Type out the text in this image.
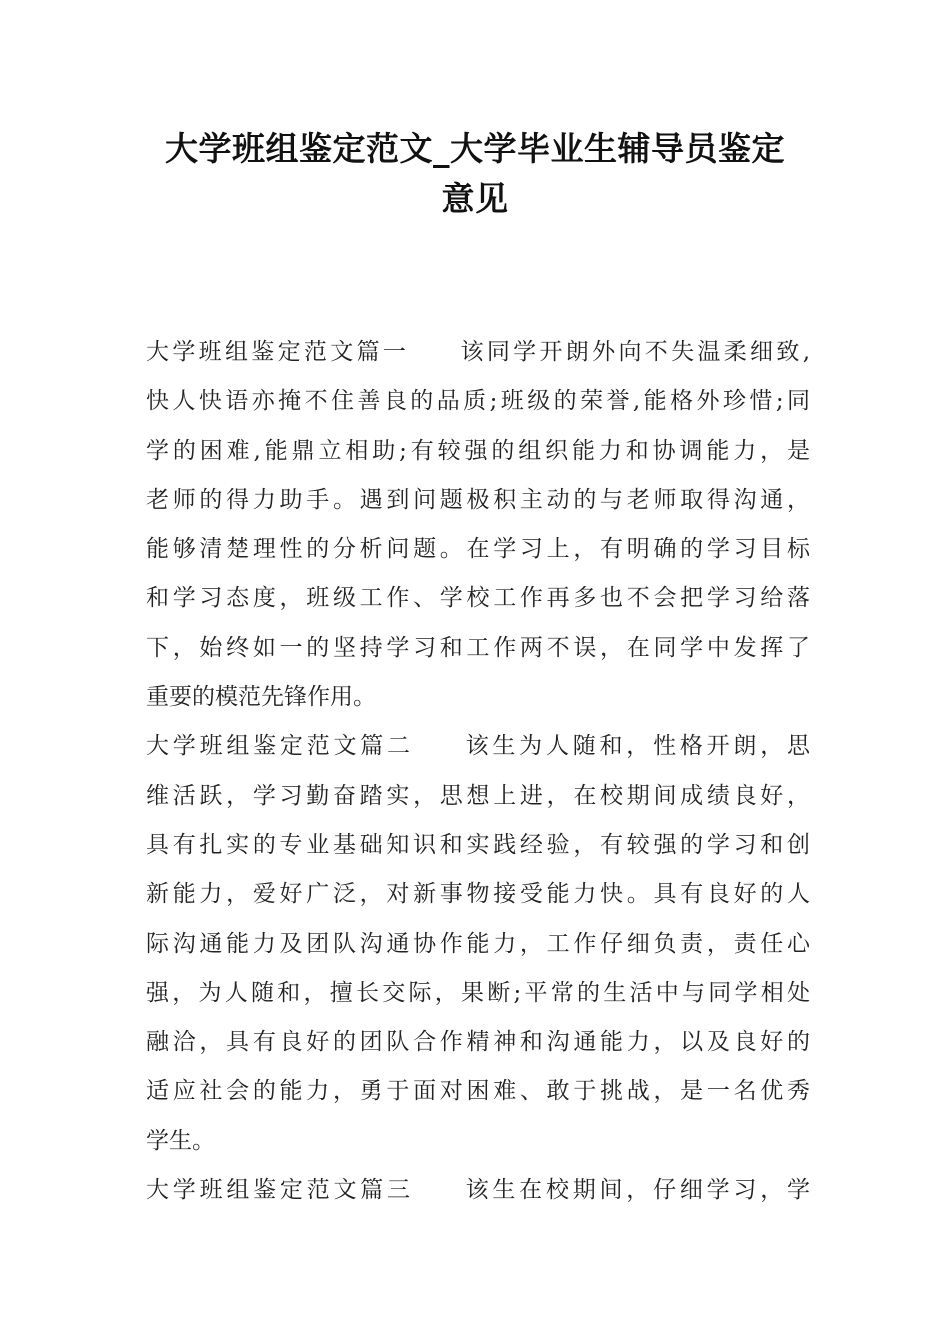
大学班组鉴定范文_大学毕业生辅导员鉴定
意见
大学班组鉴定范文篇一 该同学开朗外向不失温柔细致,
快人快语亦掩不住善良的品质;班级的荣誉,能格外珍惜;同
学的困难,能鼎立相助;有较强的组织能力和协调能力，是
老师的得力助手。遇到问题极积主动的与老师取得沟通，
能够清楚理性的分析问题。在学习上，有明确的学习目标
和学习态度，班级工作、学校工作再多也不会把学习给落
下，始终如一的坚持学习和工作两不误，在同学中发挥了
重要的模范先锋作用。
大学班组鉴定范文篇二 该生为人随和，性格开朗，思
维活跃，学习勤奋踏实，思想上进，在校期间成绩良好，
具有扎实的专业基础知识和实践经验，有较强的学习和创
新能力，爱好广泛，对新事物接受能力快。具有良好的人
际沟通能力及团队沟通协作能力，工作仔细负责，责任心
强，为人随和，擅长交际，果断;平常的生活中与同学相处
融洽，具有良好的团队合作精神和沟通能力，以及良好的
适应社会的能力，勇于面对困难、敢于挑战，是一名优秀
学生。
大学班组鉴定范文篇三 该生在校期间，仔细学习，学
